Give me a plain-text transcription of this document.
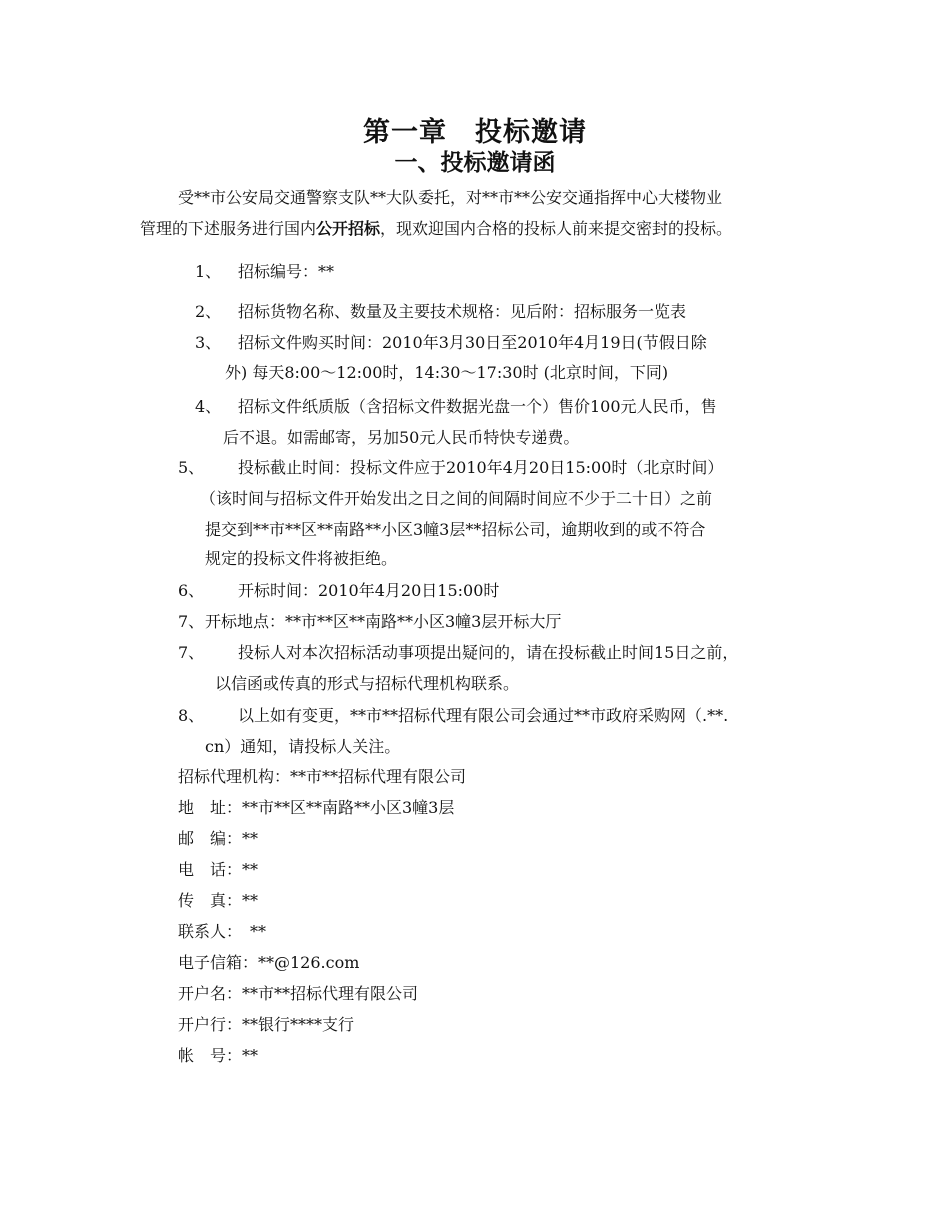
第一章　投标邀请
一、投标邀请函
受**市公安局交通警察支队**大队委托，对**市**公安交通指挥中心大楼物业
管理的下述服务进行国内公开招标，现欢迎国内合格的投标人前来提交密封的投标。
1、 招标编号：**
2、 招标货物名称、数量及主要技术规格：见后附：招标服务一览表
3、 招标文件购买时间：2010年3月30日至2010年4月19日(节假日除
外) 每天8:00～12:00时，14:30～17:30时 (北京时间，下同)
4、 招标文件纸质版（含招标文件数据光盘一个）售价100元人民币，售
后不退。如需邮寄，另加50元人民币特快专递费。
5、 投标截止时间：投标文件应于2010年4月20日15:00时（北京时间）
（该时间与招标文件开始发出之日之间的间隔时间应不少于二十日）之前
提交到**市**区**南路**小区3幢3层**招标公司，逾期收到的或不符合
规定的投标文件将被拒绝。
6、 开标时间：2010年4月20日15:00时
7、 开标地点：**市**区**南路**小区3幢3层开标大厅
7、 投标人对本次招标活动事项提出疑问的，请在投标截止时间15日之前，
以信函或传真的形式与招标代理机构联系。
8、 以上如有变更，**市**招标代理有限公司会通过**市政府采购网（.**.
cn）通知，请投标人关注。
招标代理机构：**市**招标代理有限公司
地　址：**市**区**南路**小区3幢3层
邮　编：**
电　话：**
传　真：**
联系人：　**
电子信箱：**@126.com
开户名：**市**招标代理有限公司
开户行：**银行****支行
帐　号：**
